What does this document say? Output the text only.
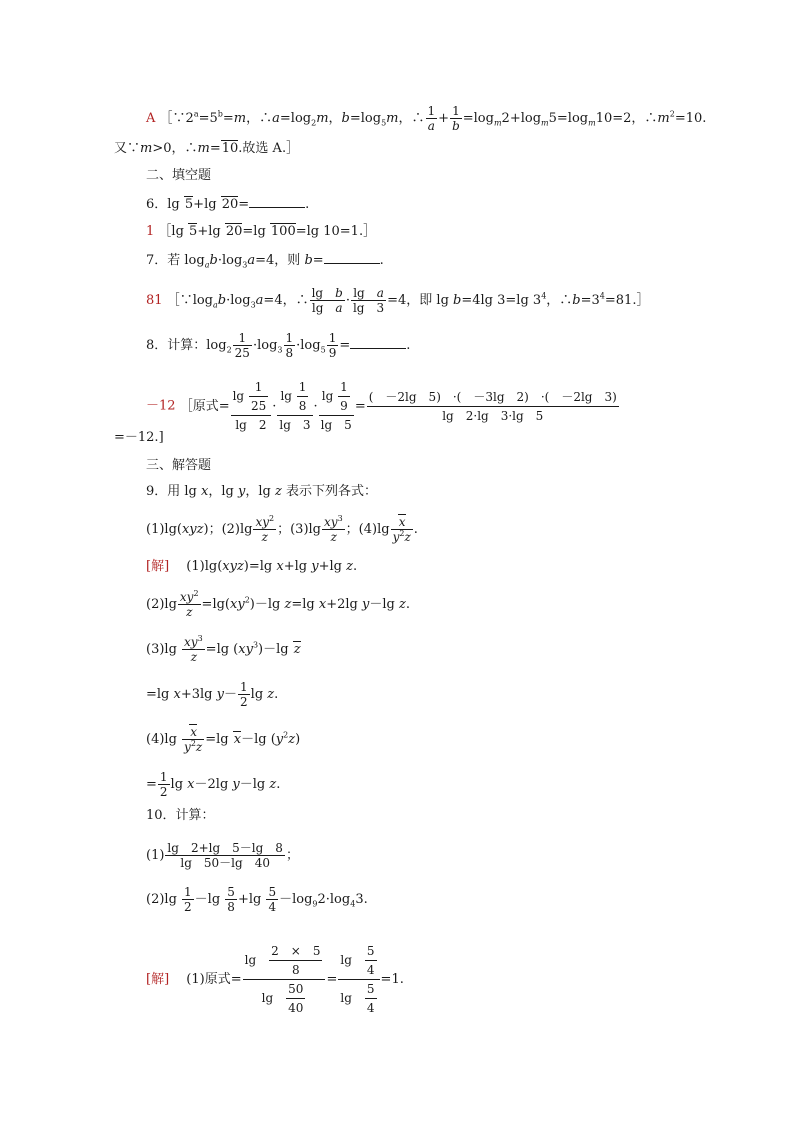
A $[\because 2^a=5^b=m$，$\therefore a=\log_2m$，$b=\log_5m$，∴ $\frac{1}{a} + \frac{1}{b} =\log_m2+\log_m5=\log_m10=2$，$\therefore m^2=10$.
又∵m>0，∴m=10.故选 A.］
二、填空题
6．lg 5+lg 20=	.
1 ［lg 5+lg 20=lg 100=lg 10=1.］
7．若 $\log_ab\cdot\log_3a=4$，则 b=	.
81 $[\because\log_ab\cdot\log_3a=4$，∴ $\frac{\text{lg　b}}{\text{lg　a}} \cdot \frac{\text{lg　a}}{\lg 3} =4$，即 lg b=4lg 3=lg $3^4$，$\therefore b=3^4=81.]$
8．计算：$\log_2 \frac{1}{25} \cdot\log_3 \frac{1}{8} \cdot\log_5 \frac{1}{9}$ =	.
－12 ［原式= $\frac{\lg \frac{1}{25}}{\lg 2} \cdot \frac{\lg \frac{1}{8}}{\lg 3} \cdot \frac{\lg \frac{1}{9}}{\lg 5} = \frac{( -2\lg 5) \cdot( -3\lg 2) \cdot( -2\lg 3)}{\lg 2\cdot\lg 3\cdot\lg 5}$
=－12.]
三、解答题
9．用 lg x，lg y，lg z 表示下列各式：
(1)lg(xyz)；$(2)\lg \frac{xy^2}{z}$ ；$(3)\lg \frac{xy^3}{z}$ ；$(4)\lg \frac{x}{y^2z}$ .
[解] 　(1)lg(xyz)=lg x+lg y+lg z.
$(2)\lg \frac{xy^2}{z} =\lg(xy^2)-\lg$ z=lg x+2lg y－lg z.
$(3)\lg \frac{xy^3}{z} =\lg$ $(xy^3)-\lg$ z
=lg x+3lg $y- \frac{1}{2}$ lg z.
$(4)\lg \frac{x}{y^2z} =\lg$ x－lg $(y^2z)$
= $\frac{1}{2}$ lg x－2lg y－lg z.
10．计算：
$(1) \frac{\lg 2+\lg 5-\lg 8}{\lg 50-\lg 40}$ ；
$(2)\lg \frac{1}{2} -\lg \frac{5}{8} +\lg \frac{5}{4} -\log_92\cdot\log_43$.
[解] 　(1)原式= $\frac{\lg \frac{2 \times 5}{8}}{\lg \frac{50}{40}} = \frac{\lg \frac{5}{4}}{\lg \frac{5}{4}} =1$.
